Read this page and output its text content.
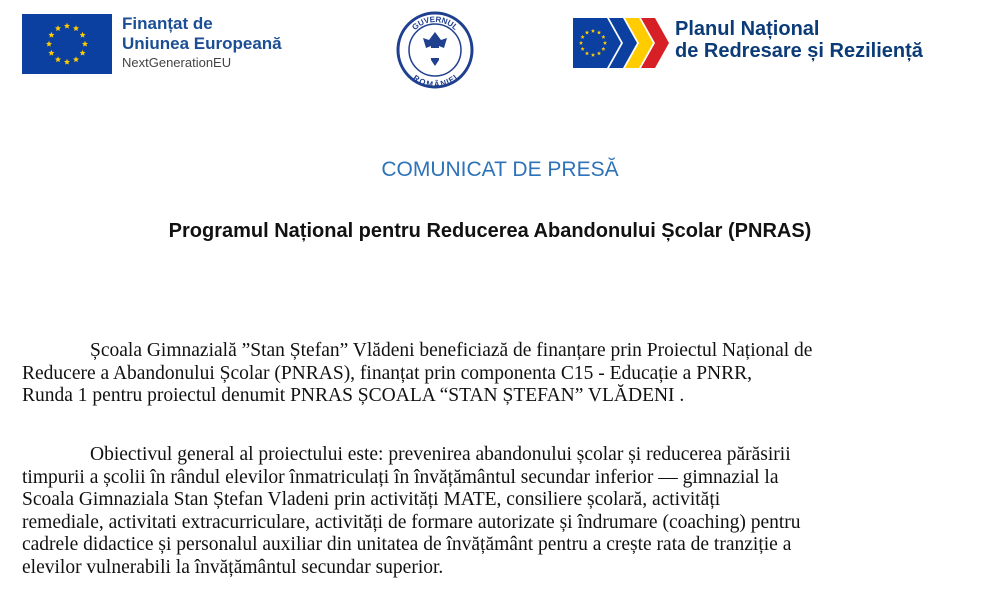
Finanțat de
Uniunea Europeană
NextGenerationEU
GUVERNUL
ROMÂNIEI
Planul Național
de Redresare și Reziliență
COMUNICAT DE PRESĂ
Programul Național pentru Reducerea Abandonului Școlar (PNRAS)
Școala Gimnazială ”Stan Ștefan” Vlădeni beneficiază de finanțare prin Proiectul Național de
Reducere a Abandonului Școlar (PNRAS), finanțat prin componenta C15 - Educație a PNRR,
Runda 1 pentru proiectul denumit PNRAS ȘCOALA “STAN ȘTEFAN” VLĂDENI .
Obiectivul general al proiectului este: prevenirea abandonului școlar și reducerea părăsirii
timpurii a școlii în rândul elevilor înmatriculați în învățământul secundar inferior — gimnazial la
Scoala Gimnaziala Stan Ștefan Vladeni prin activități MATE, consiliere școlară, activități
remediale, activitati extracurriculare, activități de formare autorizate și îndrumare (coaching) pentru
cadrele didactice și personalul auxiliar din unitatea de învățământ pentru a crește rata de tranziție a
elevilor vulnerabili la învățământul secundar superior.
